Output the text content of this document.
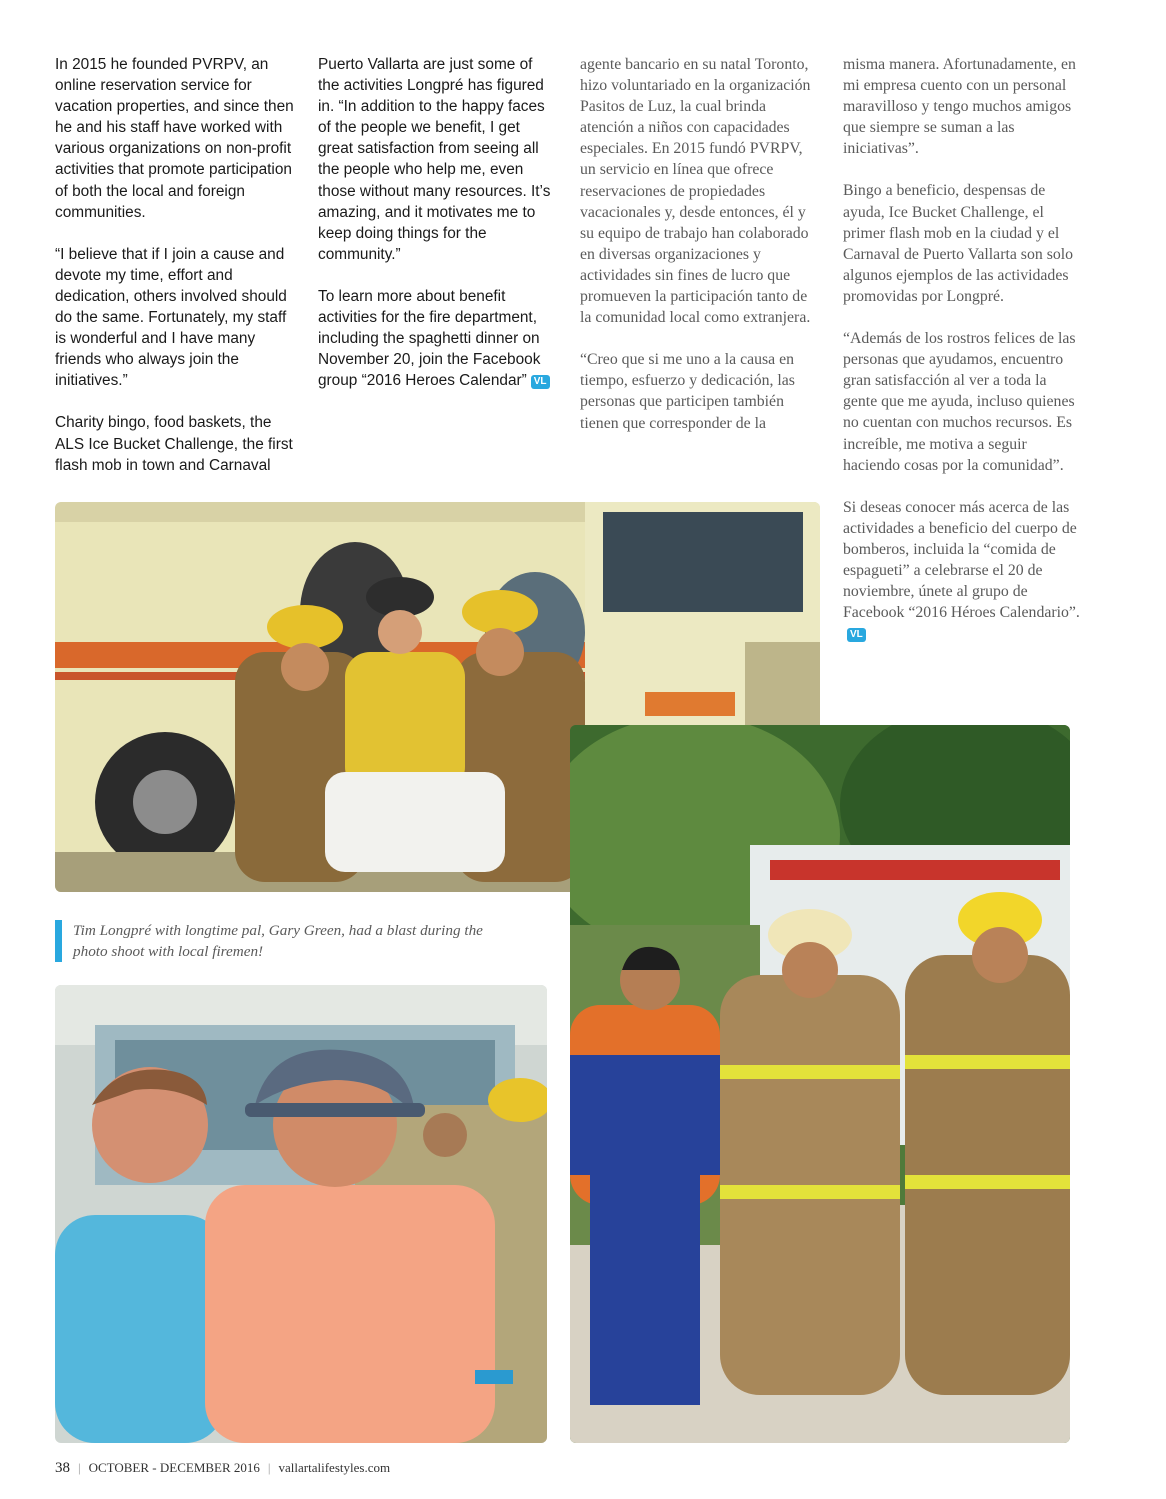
In 2015 he founded PVRPV, an online reservation service for vacation properties, and since then he and his staff have worked with various organizations on non-profit activities that promote participation of both the local and foreign communities.

“I believe that if I join a cause and devote my time, effort and dedication, others involved should do the same. Fortunately, my staff is wonderful and I have many friends who always join the initiatives.”

Charity bingo, food baskets, the ALS Ice Bucket Challenge, the first flash mob in town and Carnaval

Puerto Vallarta are just some of the activities Longpré has figured in. “In addition to the happy faces of the people we benefit, I get great satisfaction from seeing all the people who help me, even those without many resources. It’s amazing, and it motivates me to keep doing things for the community.”

To learn more about benefit activities for the fire department, including the spaghetti dinner on November 20, join the Facebook group “2016 Heroes Calendar” VL

agente bancario en su natal Toronto, hizo voluntariado en la organización Pasitos de Luz, la cual brinda atención a niños con capacidades especiales. En 2015 fundó PVRPV, un servicio en línea que ofrece reservaciones de propiedades vacacionales y, desde entonces, él y su equipo de trabajo han colaborado en diversas organizaciones y actividades sin fines de lucro que promueven la participación tanto de la comunidad local como extranjera.

“Creo que si me uno a la causa en tiempo, esfuerzo y dedicación, las personas que participen también tienen que corresponder de la

misma manera. Afortunadamente, en mi empresa cuento con un personal maravilloso y tengo muchos amigos que siempre se suman a las iniciativas”.

Bingo a beneficio, despensas de ayuda, Ice Bucket Challenge, el primer flash mob en la ciudad y el Carnaval de Puerto Vallarta son solo algunos ejemplos de las actividades promovidas por Longpré.

“Además de los rostros felices de las personas que ayudamos, encuentro gran satisfacción al ver a toda la gente que me ayuda, incluso quienes no cuentan con muchos recursos. Es increíble, me motiva a seguir haciendo cosas por la comunidad”.

Si deseas conocer más acerca de las actividades a beneficio del cuerpo de bomberos, incluida la “comida de espagueti” a celebrarse el 20 de noviembre, únete al grupo de Facebook “2016 Héroes Calendario”.VL

Tim Longpré with longtime pal, Gary Green, had a blast during the photo shoot with local firemen!
38 | OCTOBER - DECEMBER 2016 | vallartalifestyles.com
